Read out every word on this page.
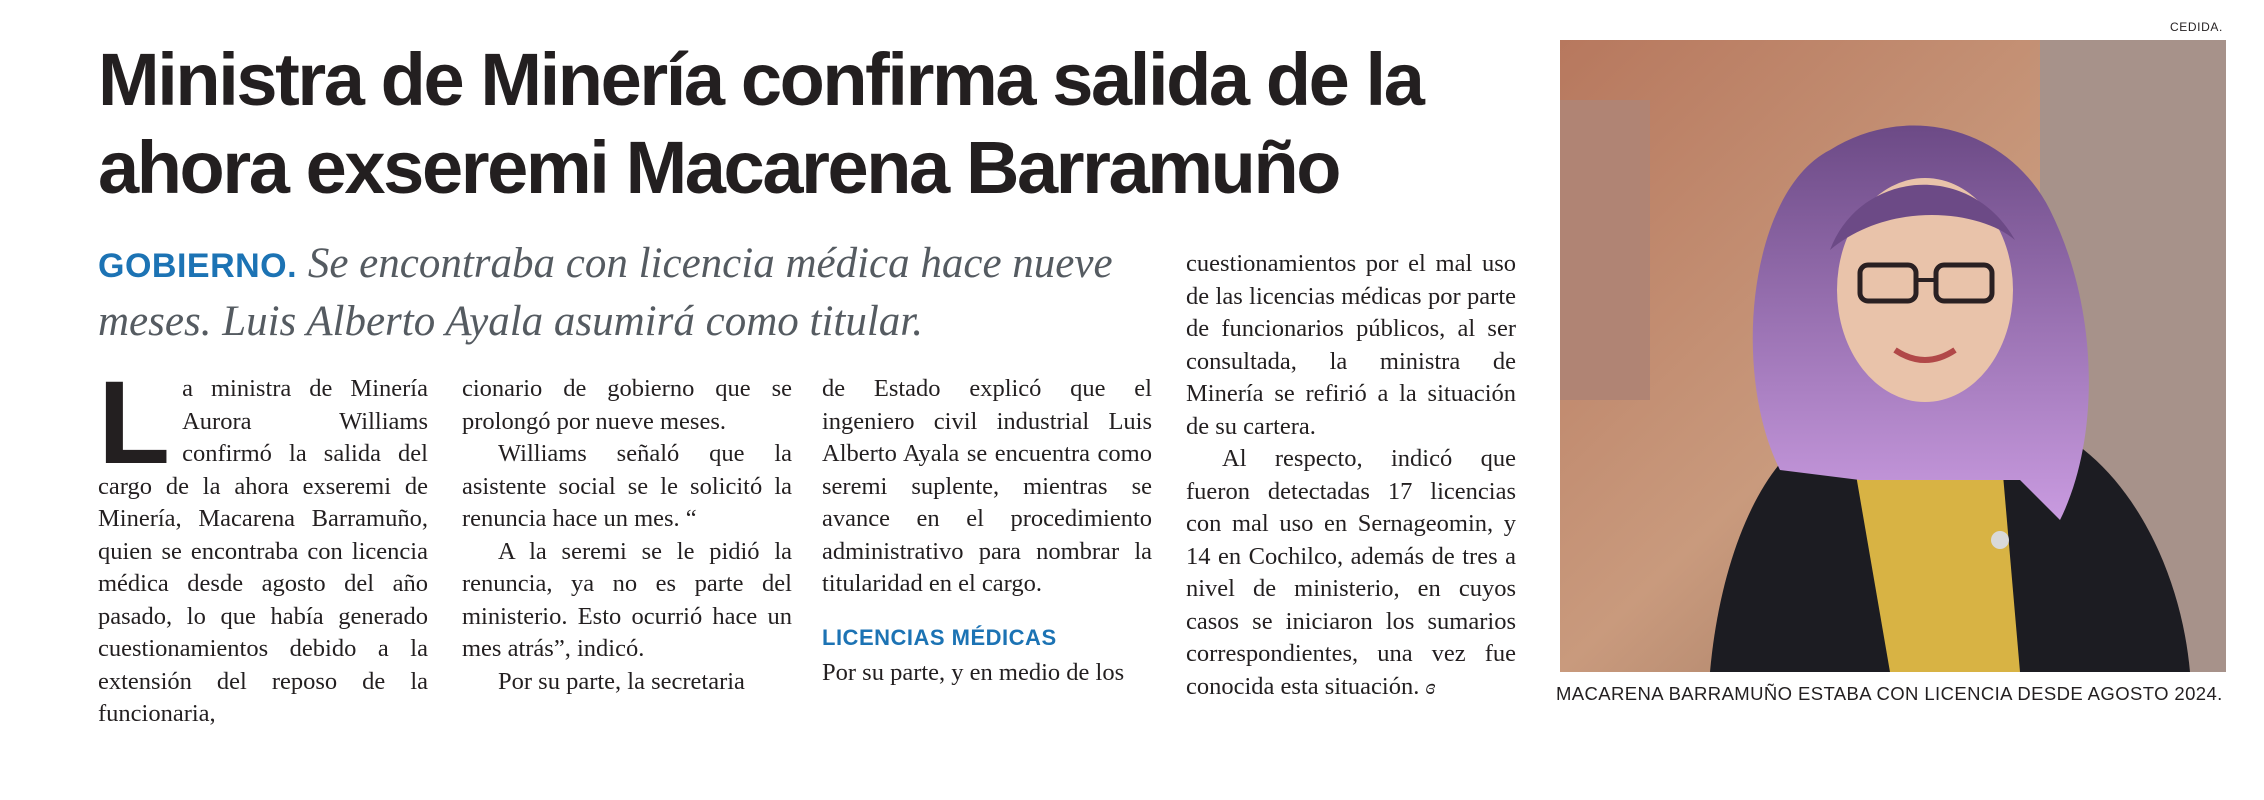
Ministra de Minería confirma salida de la ahora exseremi Macarena Barramuño

GOBIERNO. Se encontraba con licencia médica hace nueve meses. Luis Alberto Ayala asumirá como titular.

La ministra de Minería Aurora Williams confirmó la salida del cargo de la ahora exseremi de Minería, Macarena Barramuño, quien se encontraba con licencia médica desde agosto del año pasado, lo que había generado cuestionamientos debido a la extensión del reposo de la funcionaria,

cionario de gobierno que se prolongó por nueve meses.

Williams señaló que la asistente social se le solicitó la renuncia hace un mes. “

A la seremi se le pidió la renuncia, ya no es parte del ministerio. Esto ocurrió hace un mes atrás”, indicó.

Por su parte, la secretaria

de Estado explicó que el ingeniero civil industrial Luis Alberto Ayala se encuentra como seremi suplente, mientras se avance en el procedimiento administrativo para nombrar la titularidad en el cargo.

LICENCIAS MÉDICAS

Por su parte, y en medio de los

cuestionamientos por el mal uso de las licencias médicas por parte de funcionarios públicos, al ser consultada, la ministra de Minería se refirió a la situación de su cartera.

Al respecto, indicó que fueron detectadas 17 licencias con mal uso en Sernageomin, y 14 en Cochilco, además de tres a nivel de ministerio, en cuyos casos se iniciaron los sumarios correspondientes, una vez fue conocida esta situación. ɞ

CEDIDA.

MACARENA BARRAMUÑO ESTABA CON LICENCIA DESDE AGOSTO 2024.
